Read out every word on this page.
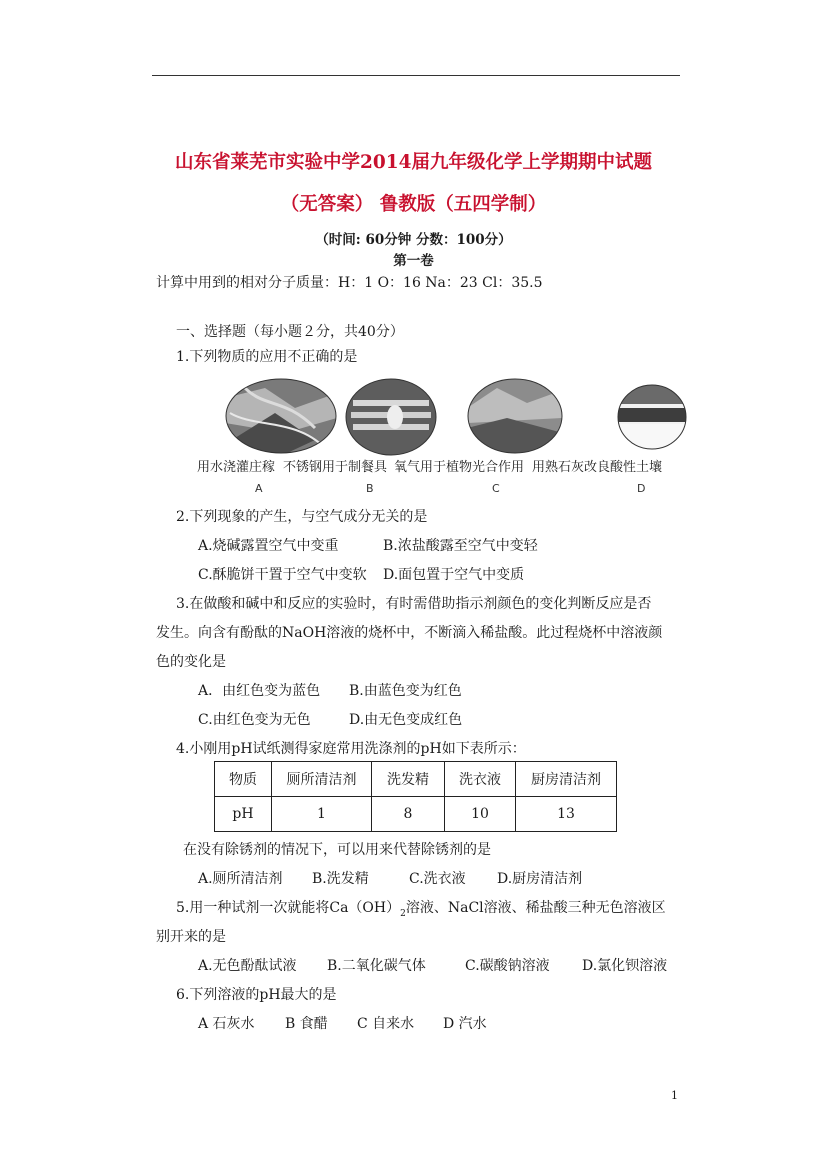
山东省莱芜市实验中学2014届九年级化学上学期期中试题
（无答案） 鲁教版（五四学制）
（时间: 60分钟 分数：100分）
第一卷
计算中用到的相对分子质量：H：1 O：16 Na：23 Cl：35.5
一、选择题（每小题２分，共40分）
1.下列物质的应用不正确的是
用水浇灌庄稼 不锈钢用于制餐具 氧气用于植物光合作用 用熟石灰改良酸性土壤
A	B	C	D
2.下列现象的产生，与空气成分无关的是
A.烧碱露置空气中变重	B.浓盐酸露至空气中变轻
C.酥脆饼干置于空气中变软 D.面包置于空气中变质
3.在做酸和碱中和反应的实验时，有时需借助指示剂颜色的变化判断反应是否
发生。向含有酚酞的NaOH溶液的烧杯中，不断滴入稀盐酸。此过程烧杯中溶液颜
色的变化是
A．由红色变为蓝色 B.由蓝色变为红色
C.由红色变为无色	D.由无色变成红色
4.小刚用pH试纸测得家庭常用洗涤剂的pH如下表所示：
物质	厕所清洁剂	洗发精	洗衣液	厨房清洁剂
pH	1	8	10	13
在没有除锈剂的情况下，可以用来代替除锈剂的是
A.厕所清洁剂 B.洗发精	C.洗衣液 D.厨房清洁剂
5.用一种试剂一次就能将$Ca(OH)_2$溶液、NaCl溶液、稀盐酸三种无色溶液区
别开来的是
A.无色酚酞试液 B.二氧化碳气体	C.碳酸钠溶液 D.氯化钡溶液
6.下列溶液的pH最大的是
A 石灰水 B 食醋 C 自来水 D 汽水
1
